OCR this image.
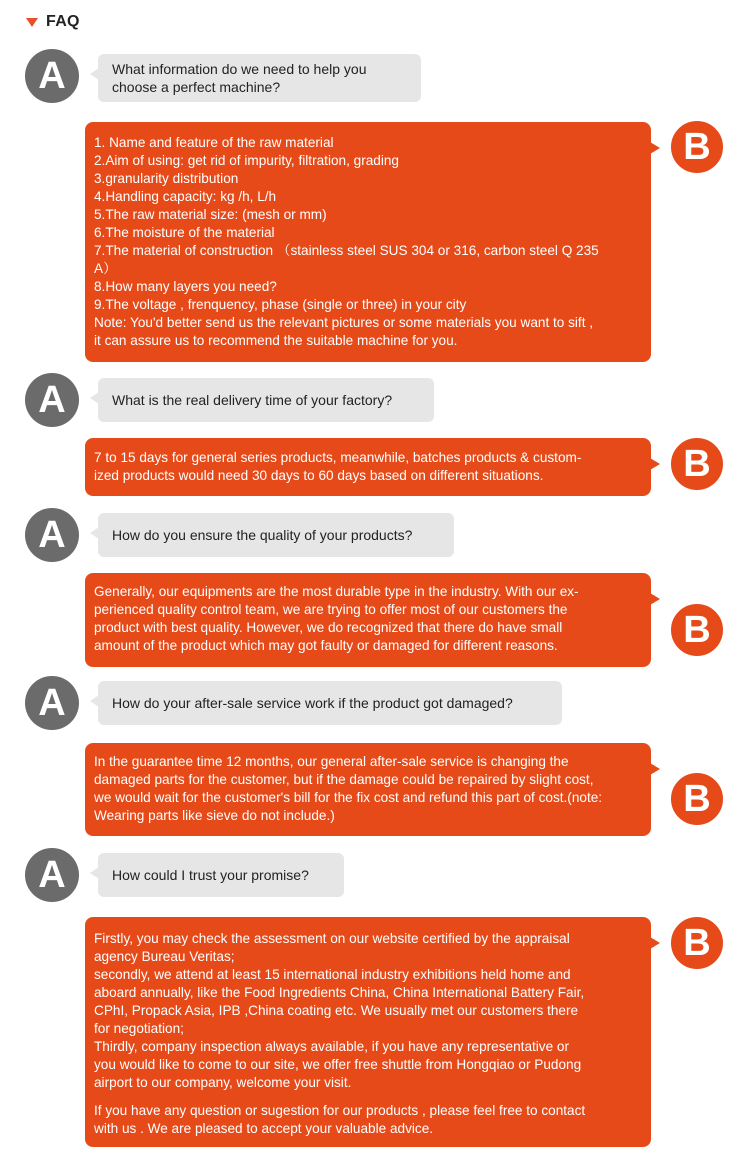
FAQ
A	What information do we need to help you
choose a perfect machine?
1. Name and feature of the raw material
2.Aim of using: get rid of impurity, filtration, grading
3.granularity distribution
4.Handling capacity: kg /h, L/h
5.The raw material size: (mesh or mm)
6.The moisture of the material
7.The material of construction （stainless steel SUS 304 or 316, carbon steel Q 235
A）
8.How many layers you need?
9.The voltage , frenquency, phase (single or three) in your city
Note: You'd better send us the relevant pictures or some materials you want to sift ,
it can assure us to recommend the suitable machine for you.
B
A	What is the real delivery time of your factory?
7 to 15 days for general series products, meanwhile, batches products & custom-
ized products would need 30 days to 60 days based on different situations.	B
A	How do you ensure the quality of your products?
Generally, our equipments are the most durable type in the industry. With our ex-
perienced quality control team, we are trying to offer most of our customers the
product with best quality. However, we do recognized that there do have small
amount of the product which may got faulty or damaged for different reasons.	B
A	How do your after-sale service work if the product got damaged?
In the guarantee time 12 months, our general after-sale service is changing the
damaged parts for the customer, but if the damage could be repaired by slight cost,
we would wait for the customer's bill for the fix cost and refund this part of cost.(note:
Wearing parts like sieve do not include.)	B
A	How could I trust your promise?
Firstly, you may check the assessment on our website certified by the appraisal
agency Bureau Veritas;
secondly, we attend at least 15 international industry exhibitions held home and
aboard annually, like the Food Ingredients China, China International Battery Fair,
CPhI, Propack Asia, IPB ,China coating etc. We usually met our customers there
for negotiation;
Thirdly, company inspection always available, if you have any representative or
you would like to come to our site, we offer free shuttle from Hongqiao or Pudong
airport to our company, welcome your visit.
If you have any question or sugestion for our products , please feel free to contact
with us . We are pleased to accept your valuable advice.
B
